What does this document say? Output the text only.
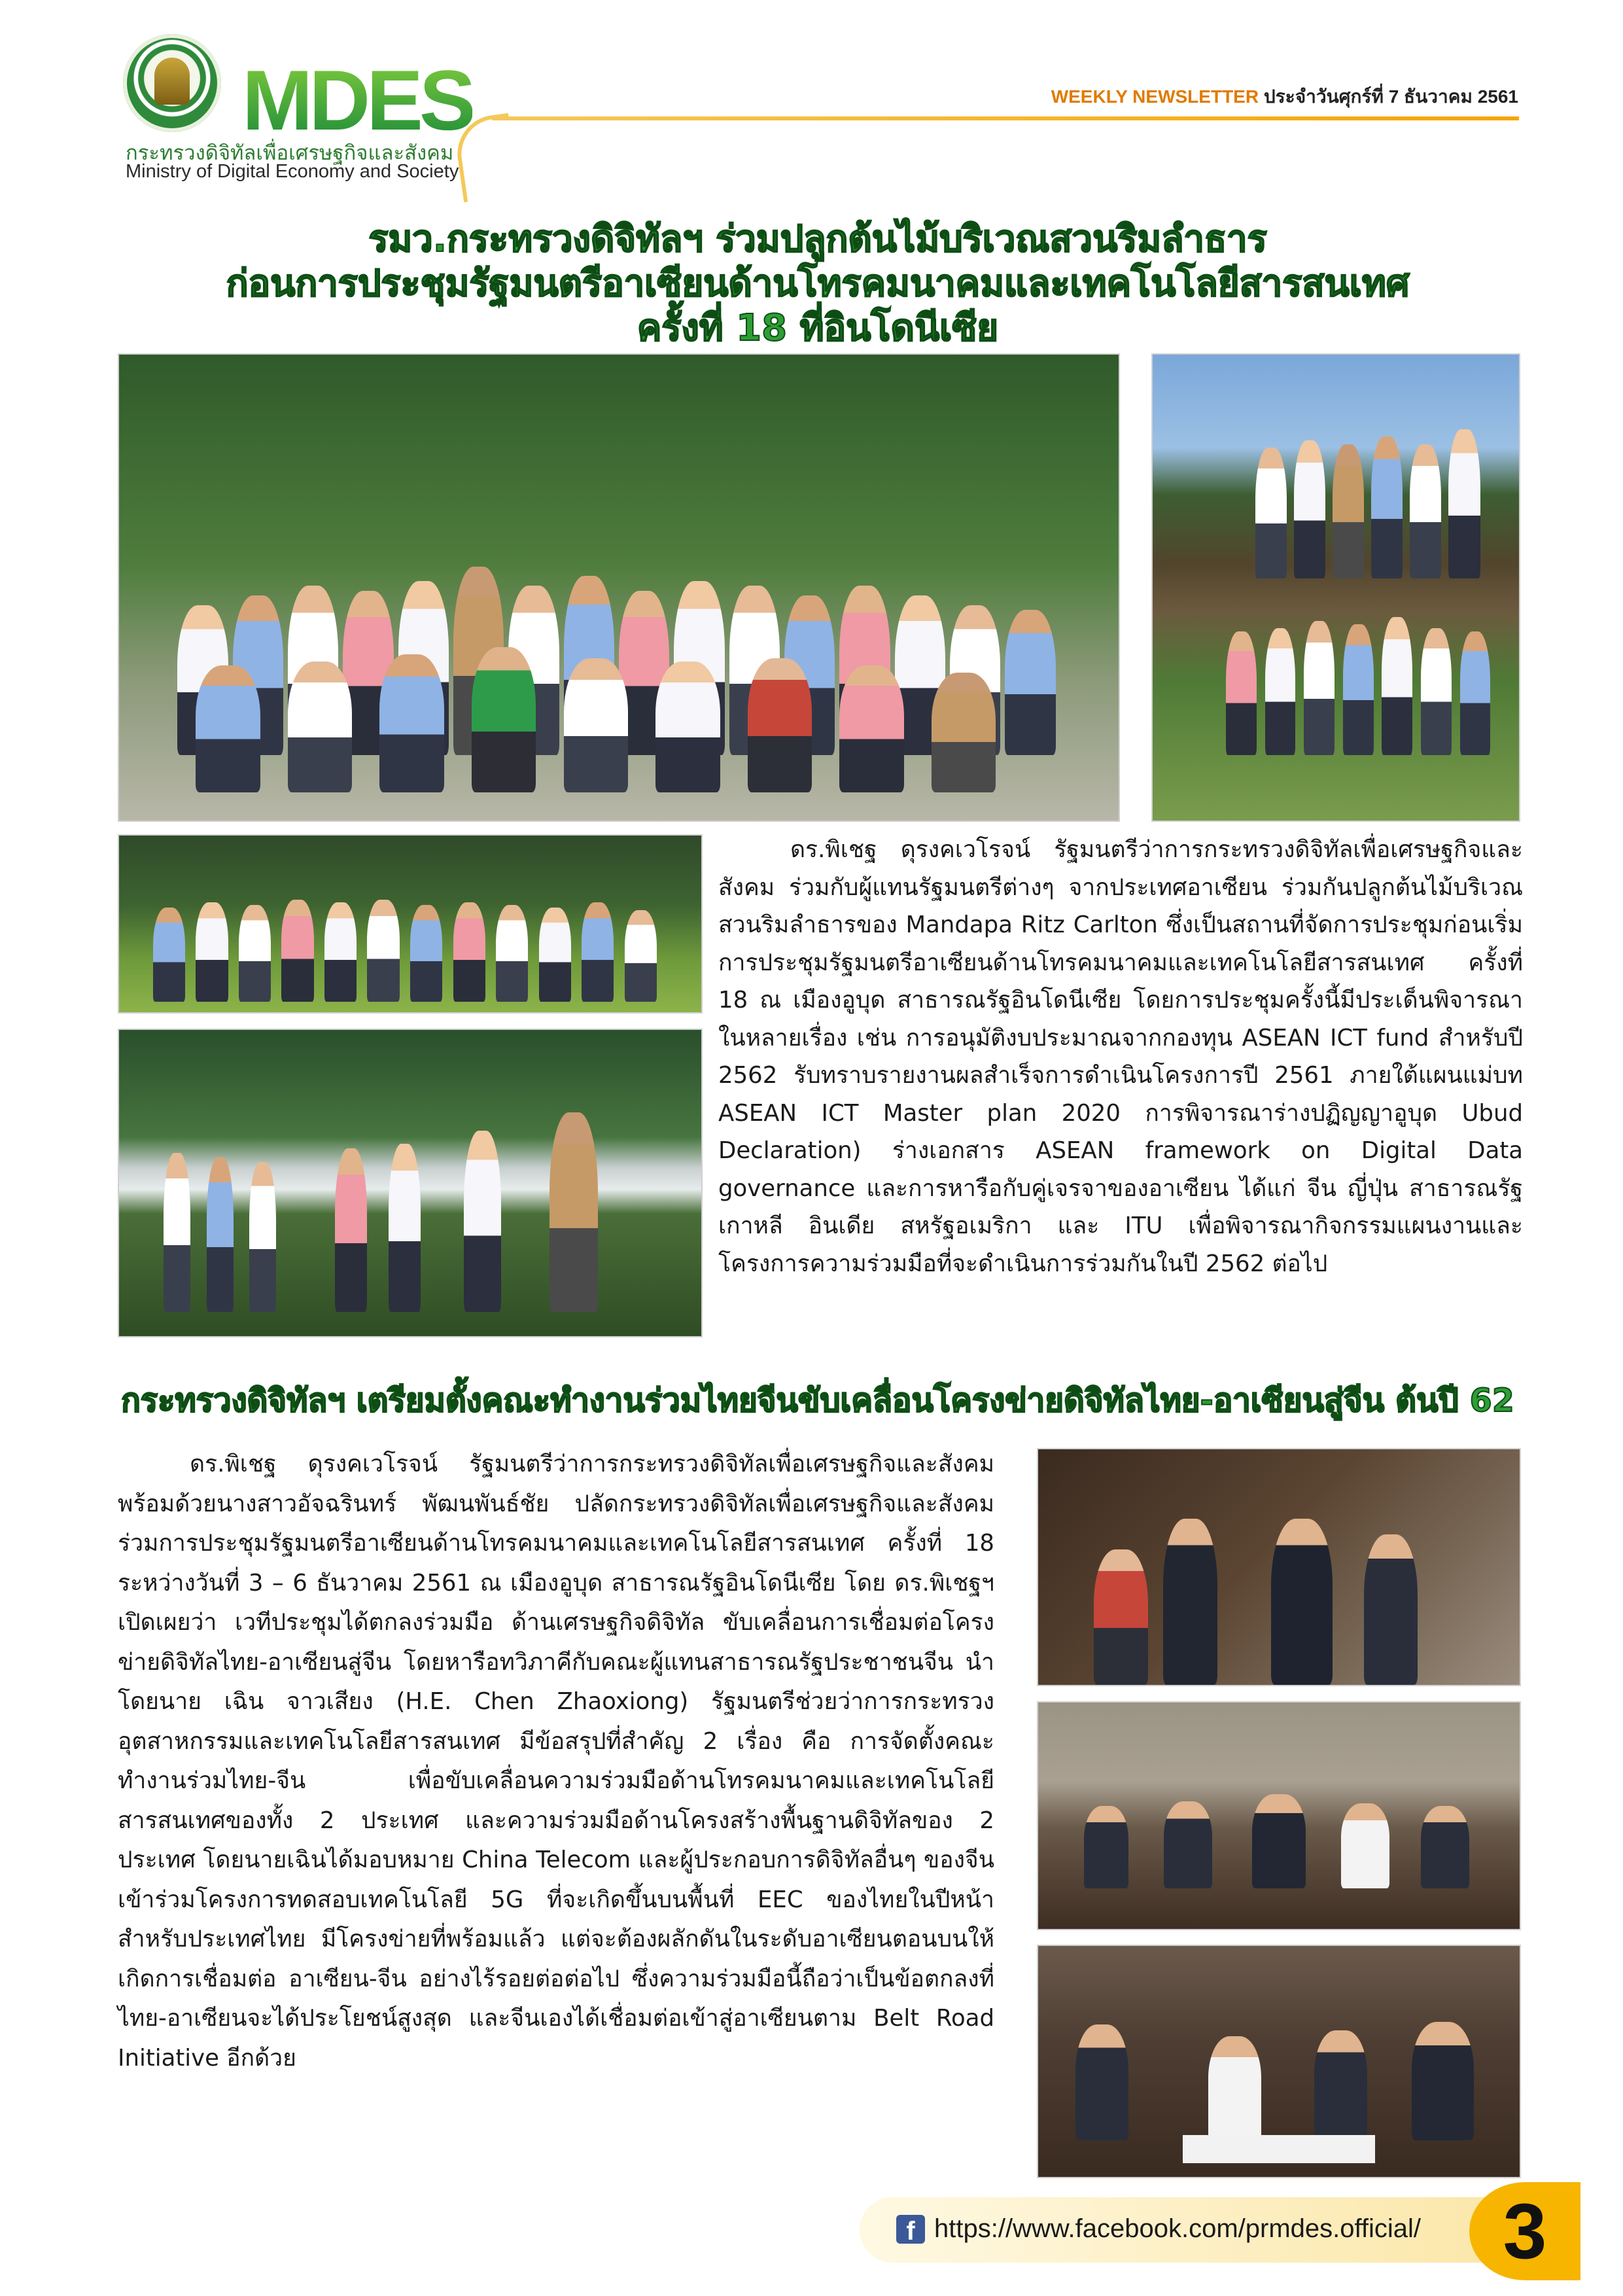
MDES
กระทรวงดิจิทัลเพื่อเศรษฐกิจและสังคม
Ministry of Digital Economy and Society
WEEKLY NEWSLETTER ประจำวันศุกร์ที่ 7 ธันวาคม 2561
รมว.กระทรวงดิจิทัลฯ ร่วมปลูกต้นไม้บริเวณสวนริมลำธาร
ก่อนการประชุมรัฐมนตรีอาเซียนด้านโทรคมนาคมและเทคโนโลยีสารสนเทศ
ครั้งที่ 18 ที่อินโดนีเซีย
ดร.พิเชฐ ดุรงคเวโรจน์ รัฐมนตรีว่าการกระทรวงดิจิทัลเพื่อเศรษฐกิจและสังคม ร่วมกับผู้แทนรัฐมนตรีต่างๆ จากประเทศอาเซียน ร่วมกันปลูกต้นไม้บริเวณสวนริมลำธารของ Mandapa Ritz Carlton ซึ่งเป็นสถานที่จัดการประชุมก่อนเริ่มการประชุมรัฐมนตรีอาเซียนด้านโทรคมนาคมและเทคโนโลยีสารสนเทศ ครั้งที่ 18 ณ เมืองอูบุด สาธารณรัฐอินโดนีเซีย โดยการประชุมครั้งนี้มีประเด็นพิจารณาในหลายเรื่อง เช่น การอนุมัติงบประมาณจากกองทุน ASEAN ICT fund สำหรับปี 2562 รับทราบรายงานผลสำเร็จการดำเนินโครงการปี 2561 ภายใต้แผนแม่บท ASEAN ICT Master plan 2020 การพิจารณาร่างปฏิญญาอูบุด Ubud Declaration) ร่างเอกสาร ASEAN framework on Digital Data governance และการหารือกับคู่เจรจาของอาเซียน ได้แก่ จีน ญี่ปุ่น สาธารณรัฐเกาหลี อินเดีย สหรัฐอเมริกา และ ITU เพื่อพิจารณากิจกรรมแผนงานและโครงการความร่วมมือที่จะดำเนินการร่วมกันในปี 2562 ต่อไป
กระทรวงดิจิทัลฯ เตรียมตั้งคณะทำงานร่วมไทยจีนขับเคลื่อนโครงข่ายดิจิทัลไทย-อาเซียนสู่จีน ต้นปี 62
ดร.พิเชฐ ดุรงคเวโรจน์ รัฐมนตรีว่าการกระทรวงดิจิทัลเพื่อเศรษฐกิจและสังคม พร้อมด้วยนางสาวอัจฉรินทร์ พัฒนพันธ์ชัย ปลัดกระทรวงดิจิทัลเพื่อเศรษฐกิจและสังคม ร่วมการประชุมรัฐมนตรีอาเซียนด้านโทรคมนาคมและเทคโนโลยีสารสนเทศ ครั้งที่ 18 ระหว่างวันที่ 3 – 6 ธันวาคม 2561 ณ เมืองอูบุด สาธารณรัฐอินโดนีเซีย โดย ดร.พิเชฐฯ เปิดเผยว่า เวทีประชุมได้ตกลงร่วมมือ ด้านเศรษฐกิจดิจิทัล ขับเคลื่อนการเชื่อมต่อโครงข่ายดิจิทัลไทย-อาเซียนสู่จีน โดยหารือทวิภาคีกับคณะผู้แทนสาธารณรัฐประชาชนจีน นำโดยนาย เฉิน จาวเสียง (H.E. Chen Zhaoxiong) รัฐมนตรีช่วยว่าการกระทรวงอุตสาหกรรมและเทคโนโลยีสารสนเทศ มีข้อสรุปที่สำคัญ 2 เรื่อง คือ การจัดตั้งคณะทำงานร่วมไทย-จีน เพื่อขับเคลื่อนความร่วมมือด้านโทรคมนาคมและเทคโนโลยีสารสนเทศของทั้ง 2 ประเทศ และความร่วมมือด้านโครงสร้างพื้นฐานดิจิทัลของ 2 ประเทศ โดยนายเฉินได้มอบหมาย China Telecom และผู้ประกอบการดิจิทัลอื่นๆ ของจีน เข้าร่วมโครงการทดสอบเทคโนโลยี 5G ที่จะเกิดขึ้นบนพื้นที่ EEC ของไทยในปีหน้า สำหรับประเทศไทย มีโครงข่ายที่พร้อมแล้ว แต่จะต้องผลักดันในระดับอาเซียนตอนบนให้เกิดการเชื่อมต่อ อาเซียน-จีน อย่างไร้รอยต่อต่อไป ซึ่งความร่วมมือนี้ถือว่าเป็นข้อตกลงที่ไทย-อาเซียนจะได้ประโยชน์สูงสุด และจีนเองได้เชื่อมต่อเข้าสู่อาเซียนตาม Belt Road Initiative อีกด้วย
f https://www.facebook.com/prmdes.official/	3
